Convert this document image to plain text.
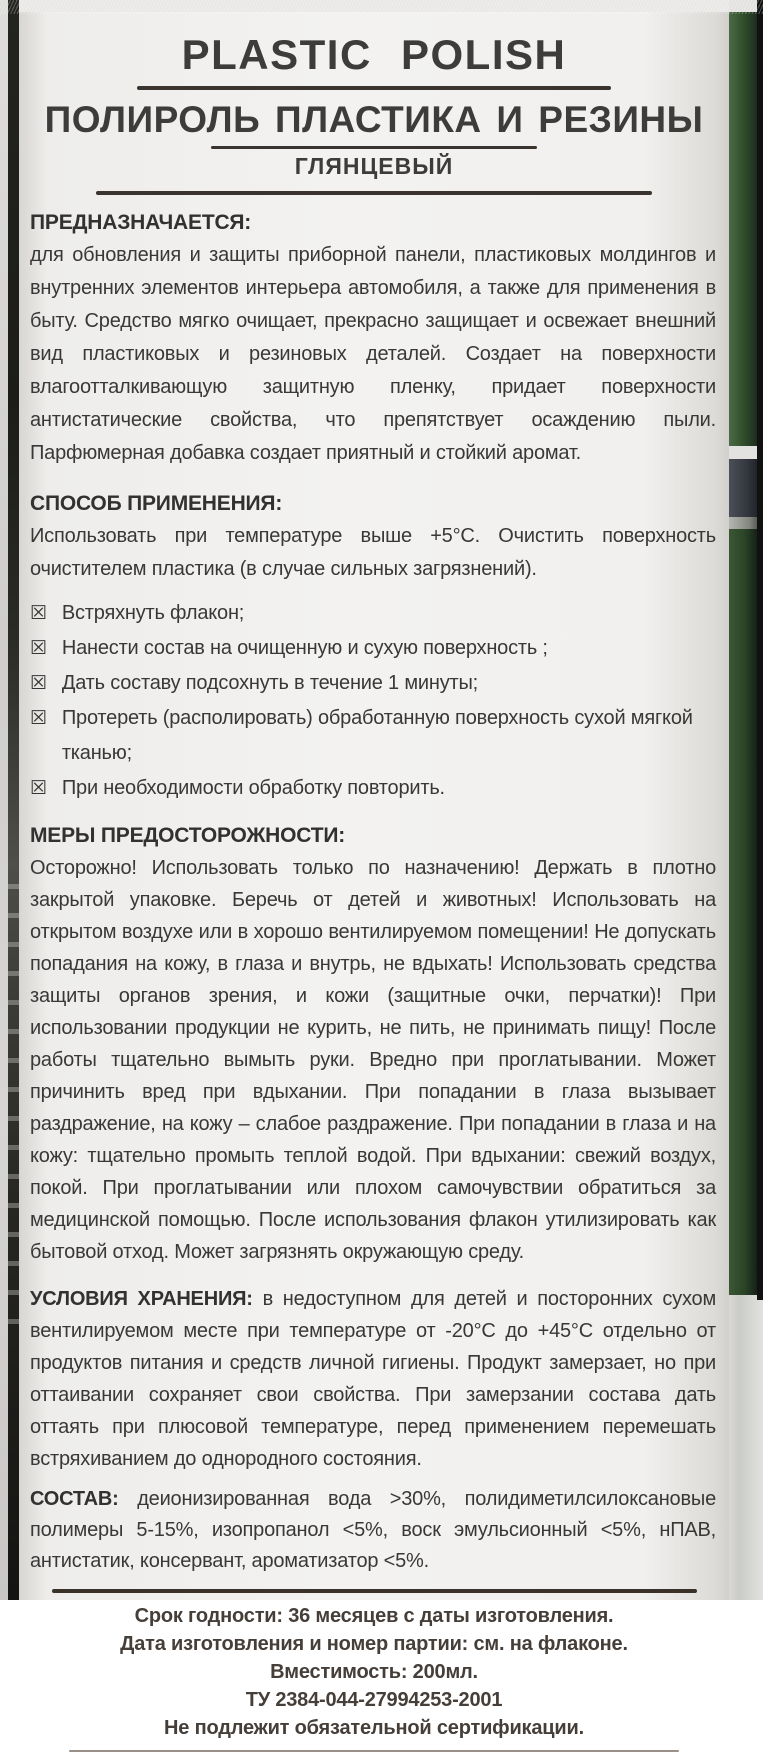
PLASTIC POLISH
ПОЛИРОЛЬ ПЛАСТИКА И РЕЗИНЫ
ГЛЯНЦЕВЫЙ
ПРЕДНАЗНАЧАЕТСЯ:

для обновления и защиты приборной панели, пластиковых молдингов и внутренних элементов интерьера автомобиля, а также для применения в быту. Средство мягко очищает, прекрасно защищает и освежает внешний вид пластиковых и резиновых деталей. Создает на поверхности влагоотталкивающую защитную пленку, придает поверхности антистатические свойства, что препятствует осаждению пыли. Парфюмерная добавка создает приятный и стойкий аромат.

СПОСОБ ПРИМЕНЕНИЯ:

Использовать при температуре выше +5°C. Очистить поверхность очистителем пластика (в случае сильных загрязнений).

☒ Встряхнуть флакон;
☒ Нанести состав на очищенную и сухую поверхность ;
☒ Дать составу подсохнуть в течение 1 минуты;
☒ Протереть (располировать) обработанную поверхность сухой мягкой тканью;
☒ При необходимости обработку повторить.
МЕРЫ ПРЕДОСТОРОЖНОСТИ:

Осторожно! Использовать только по назначению! Держать в плотно закрытой упаковке. Беречь от детей и животных! Использовать на открытом воздухе или в хорошо вентилируемом помещении! Не допускать попадания на кожу, в глаза и внутрь, не вдыхать! Использовать средства защиты органов зрения, и кожи (защитные очки, перчатки)! При использовании продукции не курить, не пить, не принимать пищу! После работы тщательно вымыть руки. Вредно при проглатывании. Может причинить вред при вдыхании. При попадании в глаза вызывает раздражение, на кожу – слабое раздражение. При попадании в глаза и на кожу: тщательно промыть теплой водой. При вдыхании: свежий воздух, покой. При проглатывании или плохом самочувствии обратиться за медицинской помощью. После использования флакон утилизировать как бытовой отход. Может загрязнять окружающую среду.

УСЛОВИЯ ХРАНЕНИЯ: в недоступном для детей и посторонних сухом вентилируемом месте при температуре от -20°C до +45°C отдельно от продуктов питания и средств личной гигиены. Продукт замерзает, но при оттаивании сохраняет свои свойства. При замерзании состава дать оттаять при плюсовой температуре, перед применением перемешать встряхиванием до однородного состояния.

СОСТАВ: деионизированная вода >30%, полидиметилсилоксановые полимеры 5-15%, изопропанол <5%, воск эмульсионный <5%, нПАВ, антистатик, консервант, ароматизатор <5%.

Срок годности: 36 месяцев с даты изготовления.
Дата изготовления и номер партии: см. на флаконе.
Вместимость: 200мл.
ТУ 2384-044-27994253-2001
Не подлежит обязательной сертификации.
